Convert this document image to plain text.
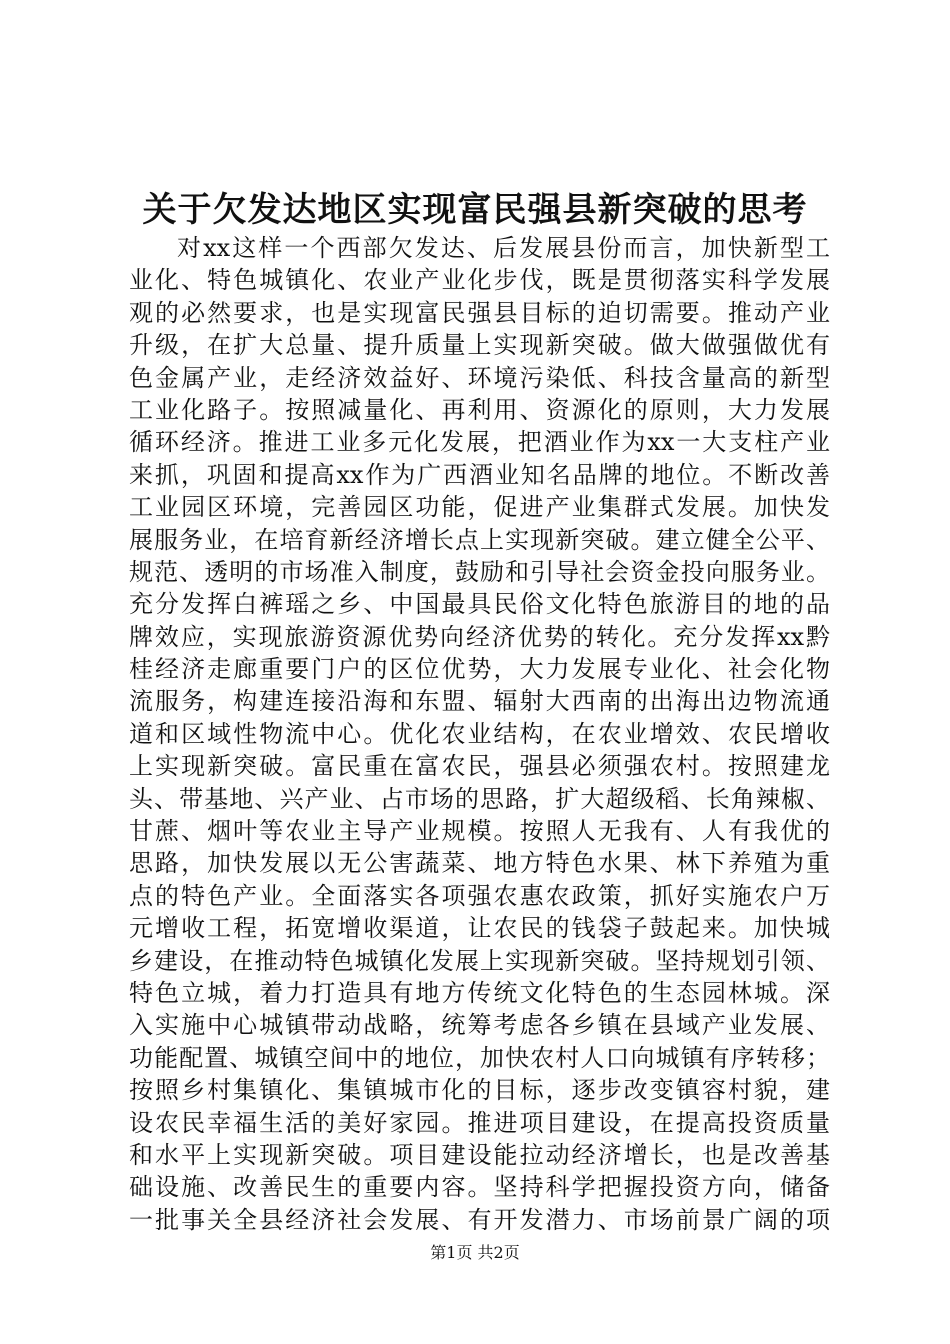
关于欠发达地区实现富民强县新突破的思考
对xx这样一个西部欠发达、后发展县份而言，加快新型工
业化、特色城镇化、农业产业化步伐，既是贯彻落实科学发展
观的必然要求，也是实现富民强县目标的迫切需要。推动产业
升级，在扩大总量、提升质量上实现新突破。做大做强做优有
色金属产业，走经济效益好、环境污染低、科技含量高的新型
工业化路子。按照减量化、再利用、资源化的原则，大力发展
循环经济。推进工业多元化发展，把酒业作为xx一大支柱产业
来抓，巩固和提高xx作为广西酒业知名品牌的地位。不断改善
工业园区环境，完善园区功能，促进产业集群式发展。加快发
展服务业，在培育新经济增长点上实现新突破。建立健全公平、
规范、透明的市场准入制度，鼓励和引导社会资金投向服务业。
充分发挥白裤瑶之乡、中国最具民俗文化特色旅游目的地的品
牌效应，实现旅游资源优势向经济优势的转化。充分发挥xx黔
桂经济走廊重要门户的区位优势，大力发展专业化、社会化物
流服务，构建连接沿海和东盟、辐射大西南的出海出边物流通
道和区域性物流中心。优化农业结构，在农业增效、农民增收
上实现新突破。富民重在富农民，强县必须强农村。按照建龙
头、带基地、兴产业、占市场的思路，扩大超级稻、长角辣椒、
甘蔗、烟叶等农业主导产业规模。按照人无我有、人有我优的
思路，加快发展以无公害蔬菜、地方特色水果、林下养殖为重
点的特色产业。全面落实各项强农惠农政策，抓好实施农户万
元增收工程，拓宽增收渠道，让农民的钱袋子鼓起来。加快城
乡建设，在推动特色城镇化发展上实现新突破。坚持规划引领、
特色立城，着力打造具有地方传统文化特色的生态园林城。深
入实施中心城镇带动战略，统筹考虑各乡镇在县域产业发展、
功能配置、城镇空间中的地位，加快农村人口向城镇有序转移；
按照乡村集镇化、集镇城市化的目标，逐步改变镇容村貌，建
设农民幸福生活的美好家园。推进项目建设，在提高投资质量
和水平上实现新突破。项目建设能拉动经济增长，也是改善基
础设施、改善民生的重要内容。坚持科学把握投资方向，储备
一批事关全县经济社会发展、有开发潜力、市场前景广阔的项
第1页 共2页
